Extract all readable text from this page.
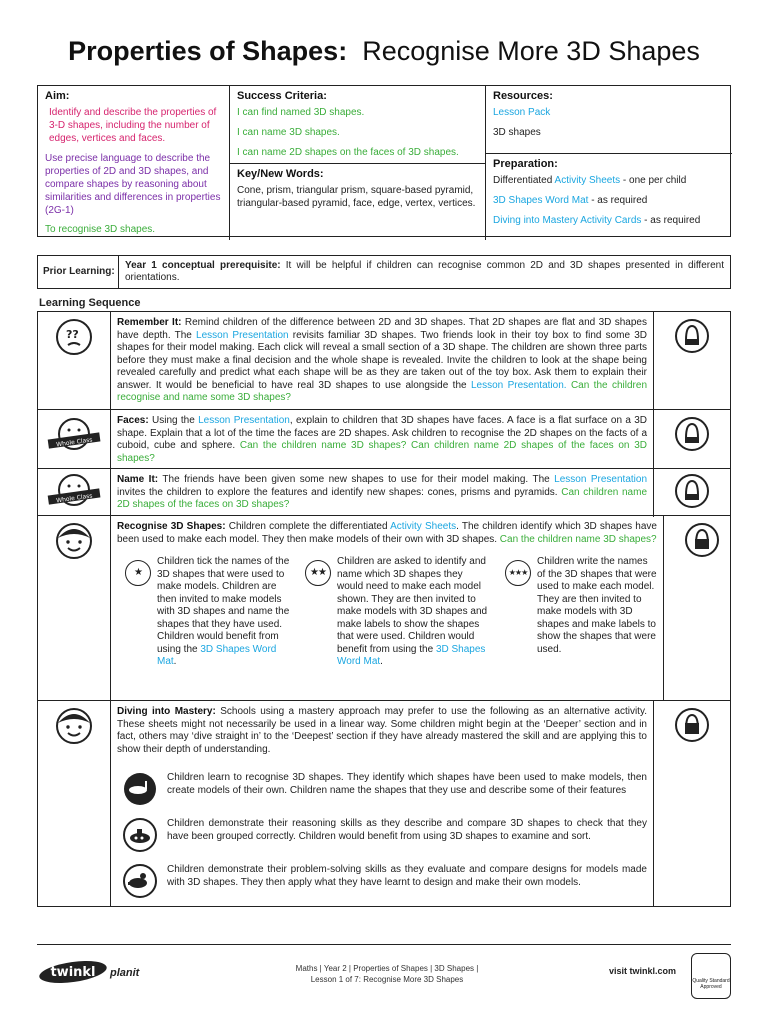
Properties of Shapes: Recognise More 3D Shapes
Aim:

Identify and describe the properties of 3-D shapes, including the number of edges, vertices and faces.

Use precise language to describe the properties of 2D and 3D shapes, and compare shapes by reasoning about similarities and differences in properties (2G-1)

To recognise 3D shapes.

Success Criteria:

I can find named 3D shapes.

I can name 3D shapes.

I can name 2D shapes on the faces of 3D shapes.

Key/New Words:

Cone, prism, triangular prism, square-based pyramid, triangular-based pyramid, face, edge, vertex, vertices.

Resources:

Lesson Pack

3D shapes

Preparation:

Differentiated Activity Sheets - one per child

3D Shapes Word Mat - as required

Diving into Mastery Activity Cards - as required

Prior Learning:
Year 1 conceptual prerequisite: It will be helpful if children can recognise common 2D and 3D shapes presented in different orientations.
Learning Sequence
??
Remember It: Remind children of the difference between 2D and 3D shapes. That 2D shapes are flat and 3D shapes have depth. The Lesson Presentation revisits familiar 3D shapes. Two friends look in their toy box to find some 3D shapes for their model making. Each click will reveal a small section of a 3D shape. The children are shown three parts before they must make a final decision and the whole shape is revealed. Invite the children to look at the shape being revealed carefully and predict what each shape will be as they are taken out of the toy box. Ask them to explain their answer. It would be beneficial to have real 3D shapes to use alongside the Lesson Presentation. Can the children recognise and name some 3D shapes?
Whole Class
Faces: Using the Lesson Presentation, explain to children that 3D shapes have faces. A face is a flat surface on a 3D shape. Explain that a lot of the time the faces are 2D shapes. Ask children to recognise the 2D shapes on the facts of a cuboid, cube and sphere. Can the children name 3D shapes? Can children name 2D shapes of the faces on 3D shapes?
Whole Class
Name It: The friends have been given some new shapes to use for their model making. The Lesson Presentation invites the children to explore the features and identify new shapes: cones, prisms and pyramids. Can children name 2D shapes of the faces on 3D shapes?
Recognise 3D Shapes: Children complete the differentiated Activity Sheets. The children identify which 3D shapes have been used to make each model. They then make models of their own with 3D shapes. Can the children name 3D shapes?
★
Children tick the names of the 3D shapes that were used to make models. Children are then invited to make models with 3D shapes and name the shapes that they have used. Children would benefit from using the 3D Shapes Word Mat.
★★
Children are asked to identify and name which 3D shapes they would need to make each model shown. They are then invited to make models with 3D shapes and make labels to show the shapes that were used. Children would benefit from using the 3D Shapes Word Mat.
★★★
Children write the names of the 3D shapes that were used to make each model. They are then invited to make models with 3D shapes and make labels to show the shapes that were used.
Diving into Mastery: Schools using a mastery approach may prefer to use the following as an alternative activity. These sheets might not necessarily be used in a linear way. Some children might begin at the ‘Deeper’ section and in fact, others may ‘dive straight in’ to the ‘Deepest’ section if they have already mastered the skill and are applying this to show their depth of understanding.
Children learn to recognise 3D shapes. They identify which shapes have been used to make models, then create models of their own. Children name the shapes that they use and describe some of their features
Children demonstrate their reasoning skills as they describe and compare 3D shapes to check that they have been grouped correctly. Children would benefit from using 3D shapes to examine and sort.
Children demonstrate their problem-solving skills as they evaluate and compare designs for models made with 3D shapes. They then apply what they have learnt to design and make their own models.
twinkl planit	Maths | Year 2 | Properties of Shapes | 3D Shapes |
Lesson 1 of 7: Recognise More 3D Shapes
visit twinkl.com
Quality Standard Approved
